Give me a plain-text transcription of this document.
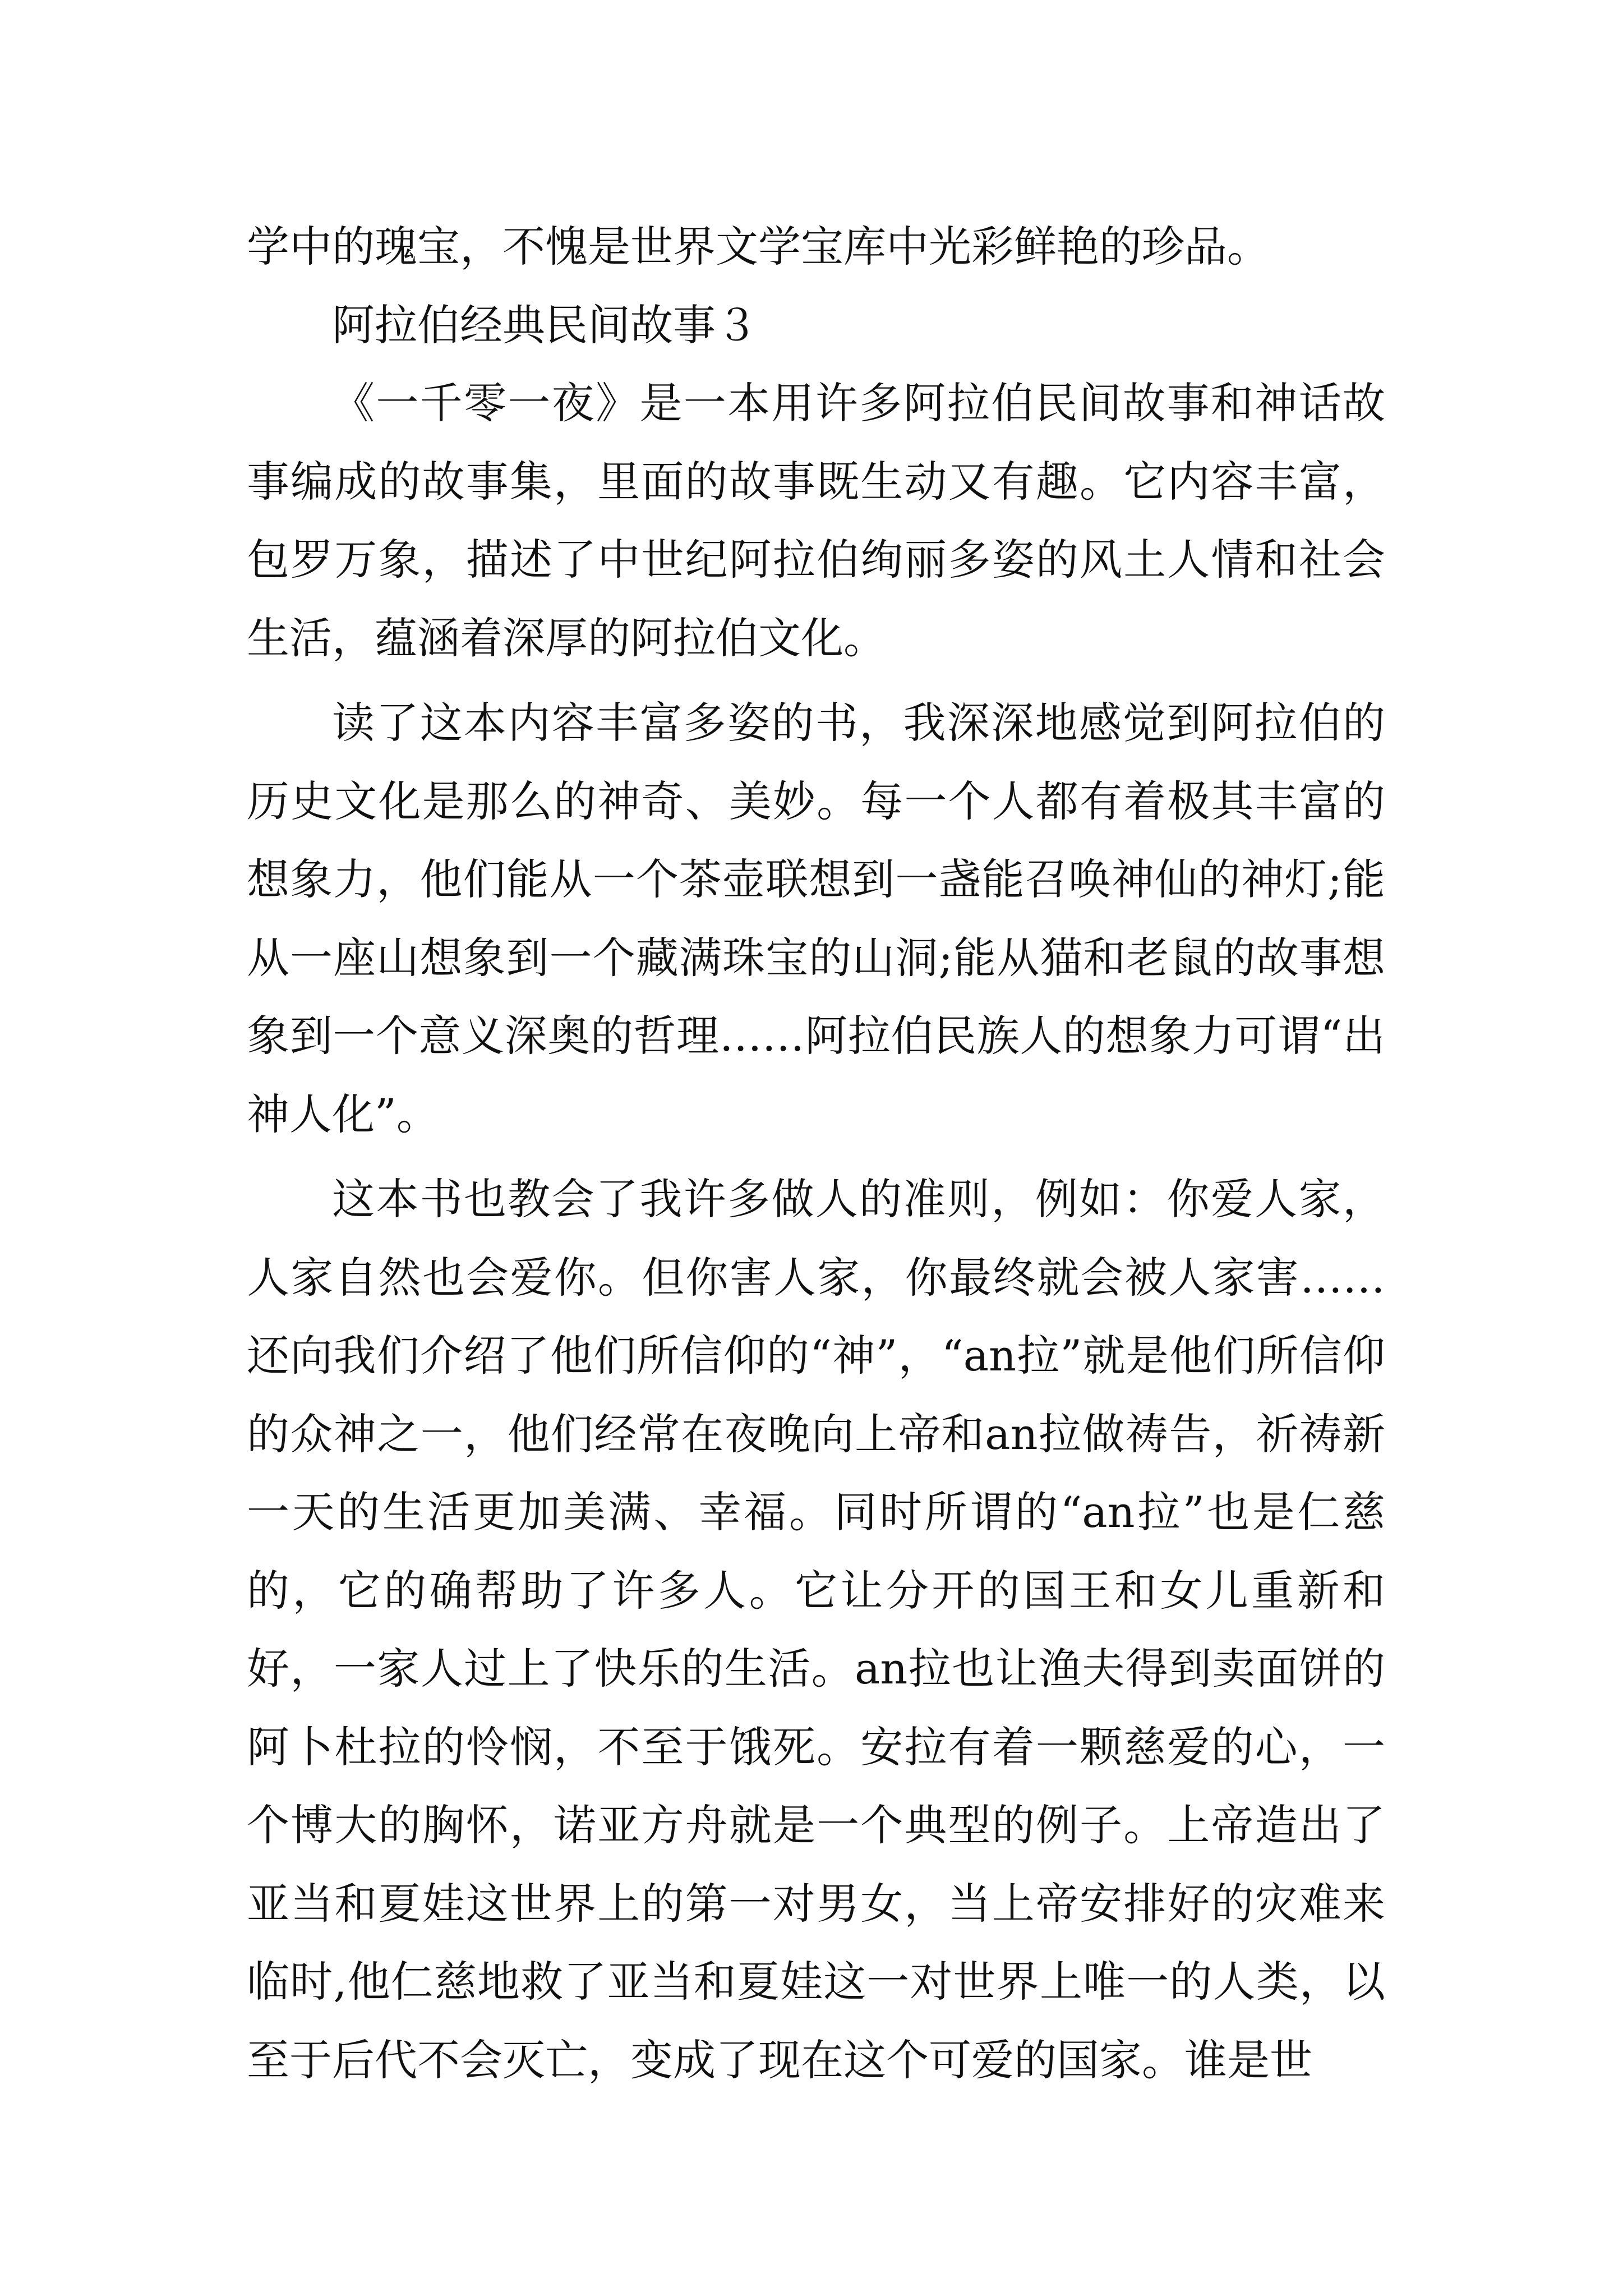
学中的瑰宝，不愧是世界文学宝库中光彩鲜艳的珍品。

阿拉伯经典民间故事３

《一千零一夜》是一本用许多阿拉伯民间故事和神话故事编成的故事集，里面的故事既生动又有趣。它内容丰富，包罗万象，描述了中世纪阿拉伯绚丽多姿的风土人情和社会生活，蕴涵着深厚的阿拉伯文化。

读了这本内容丰富多姿的书，我深深地感觉到阿拉伯的历史文化是那么的神奇、美妙。每一个人都有着极其丰富的想象力，他们能从一个茶壶联想到一盏能召唤神仙的神灯;能从一座山想象到一个藏满珠宝的山洞;能从猫和老鼠的故事想象到一个意义深奥的哲理……阿拉伯民族人的想象力可谓“出神人化”。

这本书也教会了我许多做人的准则，例如：你爱人家，人家自然也会爱你。但你害人家，你最终就会被人家害……还向我们介绍了他们所信仰的“神”，“an拉”就是他们所信仰的众神之一，他们经常在夜晚向上帝和an拉做祷告，祈祷新一天的生活更加美满、幸福。同时所谓的“an拉”也是仁慈的，它的确帮助了许多人。它让分开的国王和女儿重新和好，一家人过上了快乐的生活。an拉也让渔夫得到卖面饼的阿卜杜拉的怜悯，不至于饿死。安拉有着一颗慈爱的心，一个博大的胸怀，诺亚方舟就是一个典型的例子。上帝造出了亚当和夏娃这世界上的第一对男女，当上帝安排好的灾难来临时,他仁慈地救了亚当和夏娃这一对世界上唯一的人类，以至于后代不会灭亡，变成了现在这个可爱的国家。谁是世
